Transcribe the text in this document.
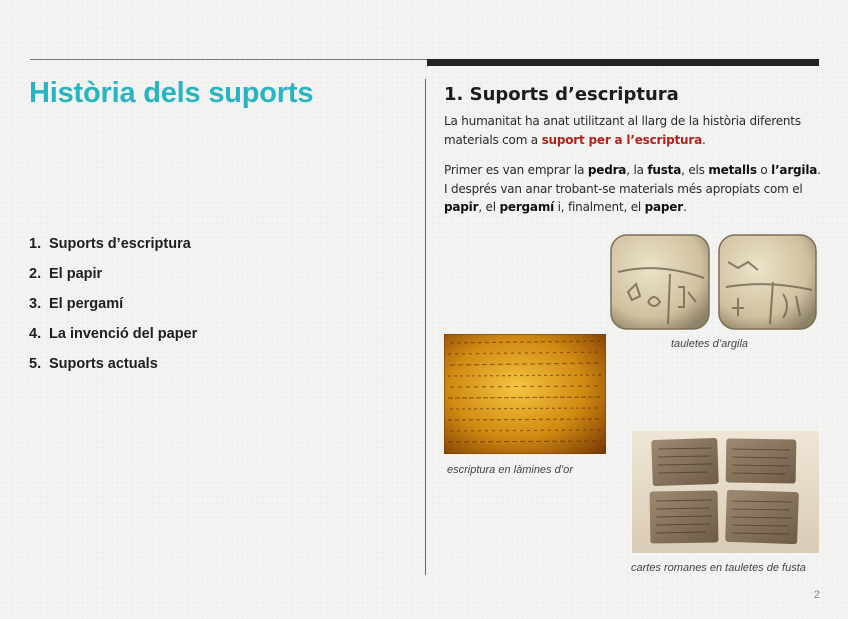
Història dels suports
1. Suports d’escriptura
2. El papir
3. El pergamí
4. La invenció del paper
5. Suports actuals
1. Suports d’escriptura

La humanitat ha anat utilitzant al llarg de la història diferents materials com a suport per a l’escriptura.

Primer es van emprar la pedra, la fusta, els metalls o l’argila. I després van anar trobant-se materials més apropiats com el papir, el pergamí i, finalment, el paper.

tauletes d’argila

escriptura en làmines d’or

cartes romanes en tauletes de fusta

2
